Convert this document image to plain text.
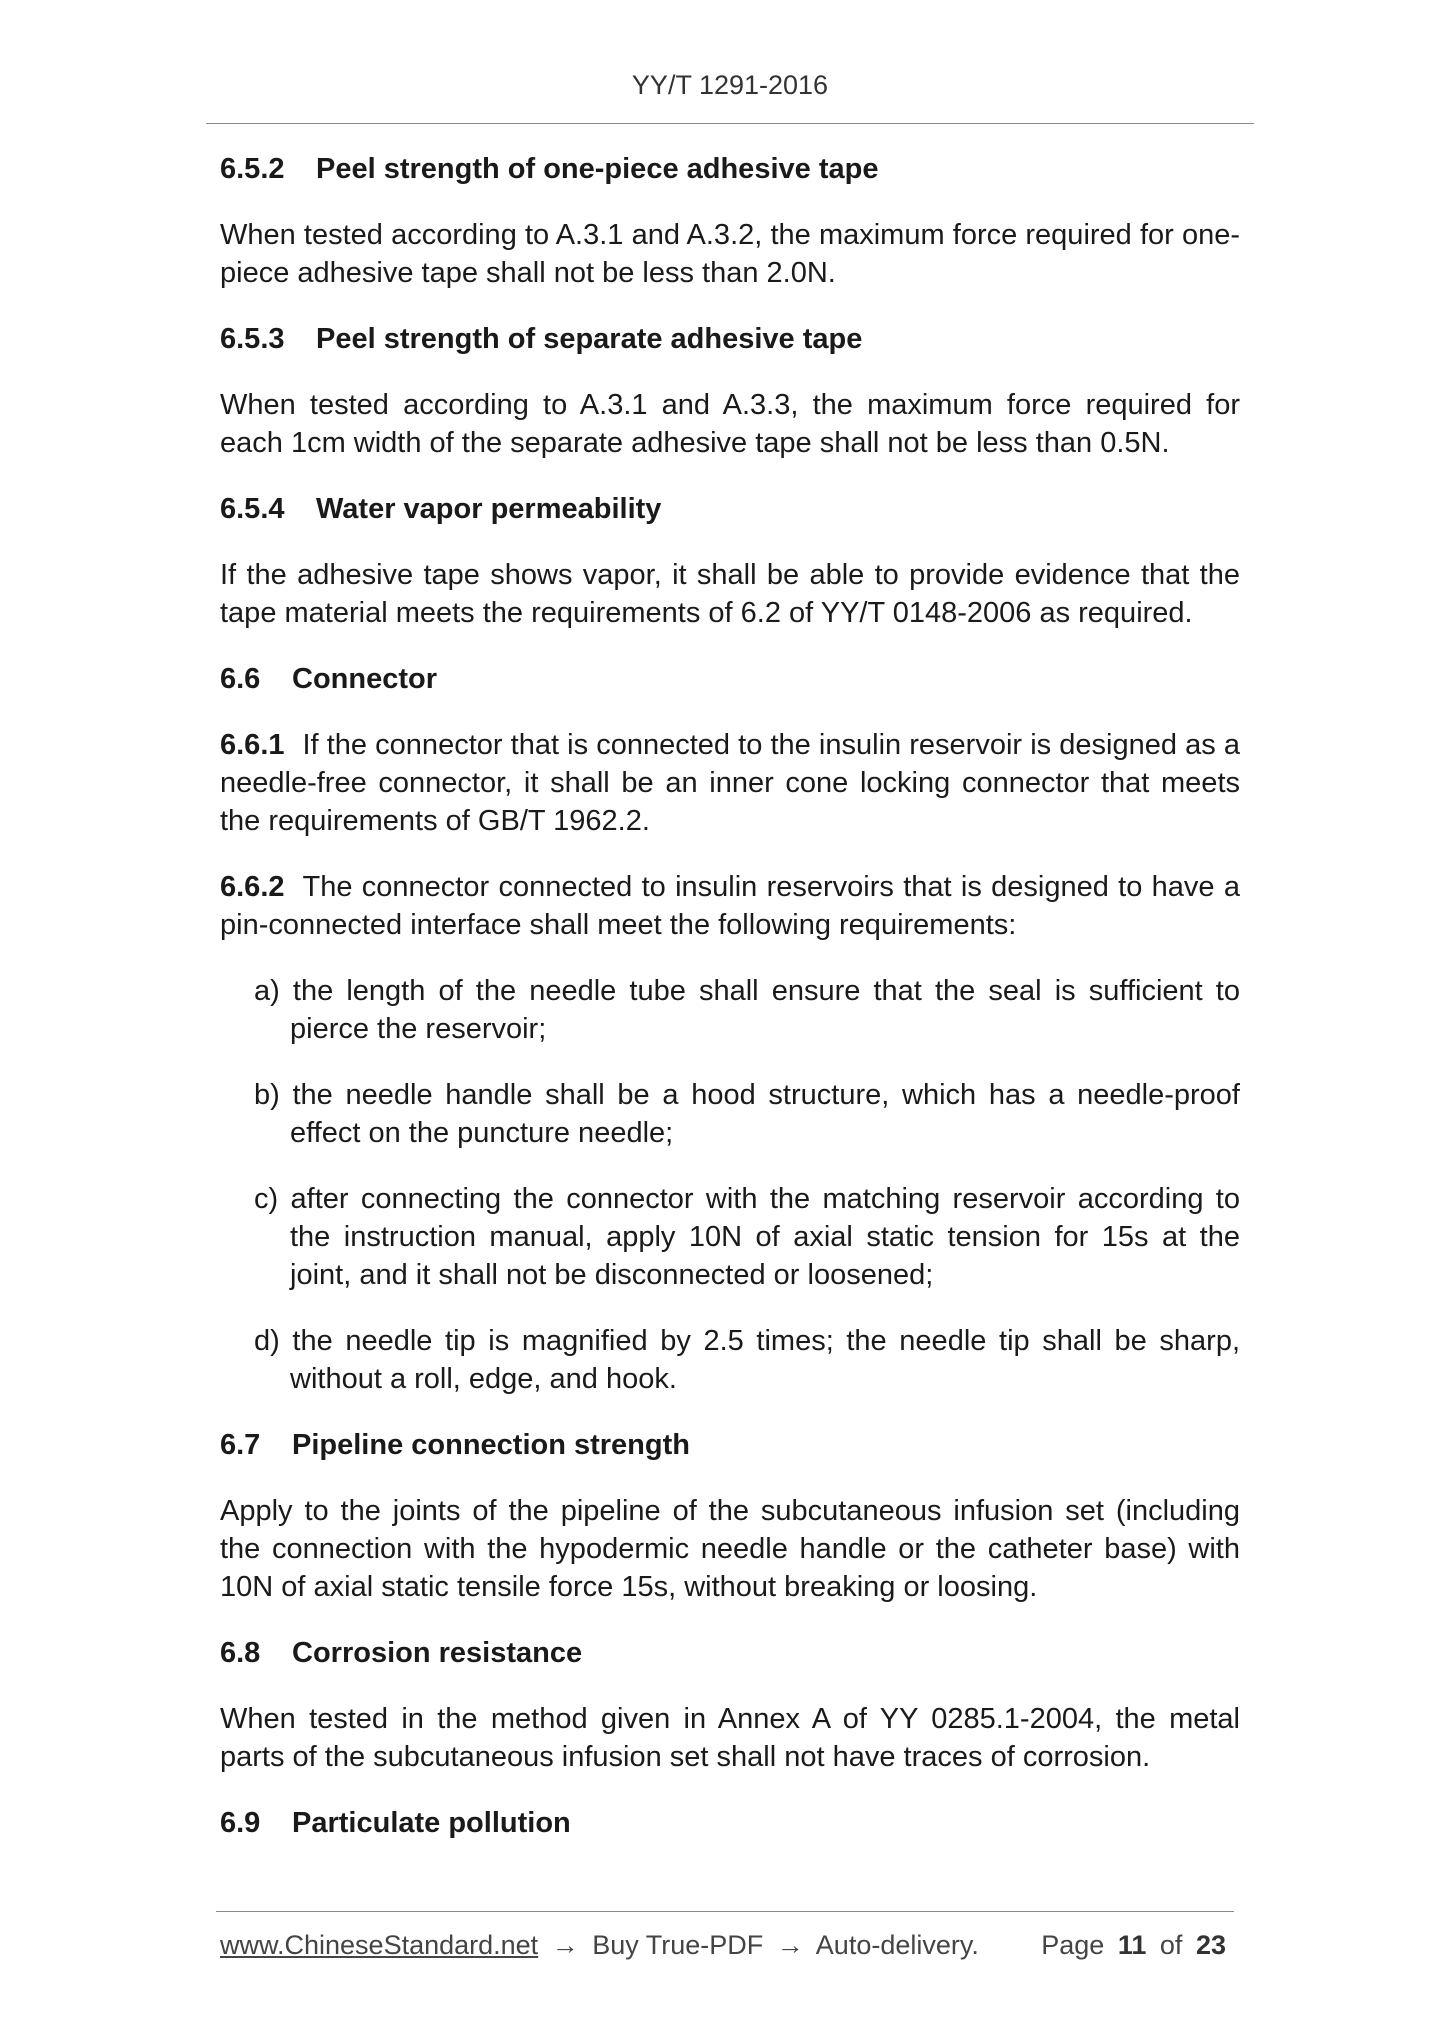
YY/T 1291-2016
6.5.2 Peel strength of one-piece adhesive tape
When tested according to A.3.1 and A.3.2, the maximum force required for one-piece adhesive tape shall not be less than 2.0N.
6.5.3 Peel strength of separate adhesive tape
When tested according to A.3.1 and A.3.3, the maximum force required for each 1cm width of the separate adhesive tape shall not be less than 0.5N.
6.5.4 Water vapor permeability
If the adhesive tape shows vapor, it shall be able to provide evidence that the tape material meets the requirements of 6.2 of YY/T 0148-2006 as required.
6.6 Connector
6.6.1 If the connector that is connected to the insulin reservoir is designed as a needle-free connector, it shall be an inner cone locking connector that meets the requirements of GB/T 1962.2.
6.6.2 The connector connected to insulin reservoirs that is designed to have a pin-connected interface shall meet the following requirements:
a) the length of the needle tube shall ensure that the seal is sufficient to pierce the reservoir;
b) the needle handle shall be a hood structure, which has a needle-proof effect on the puncture needle;
c) after connecting the connector with the matching reservoir according to the instruction manual, apply 10N of axial static tension for 15s at the joint, and it shall not be disconnected or loosened;
d) the needle tip is magnified by 2.5 times; the needle tip shall be sharp, without a roll, edge, and hook.
6.7 Pipeline connection strength
Apply to the joints of the pipeline of the subcutaneous infusion set (including the connection with the hypodermic needle handle or the catheter base) with 10N of axial static tensile force 15s, without breaking or loosing.
6.8 Corrosion resistance
When tested in the method given in Annex A of YY 0285.1-2004, the metal parts of the subcutaneous infusion set shall not have traces of corrosion.
6.9 Particulate pollution
www.ChineseStandard.net → Buy True-PDF → Auto-delivery. Page 11 of 23
